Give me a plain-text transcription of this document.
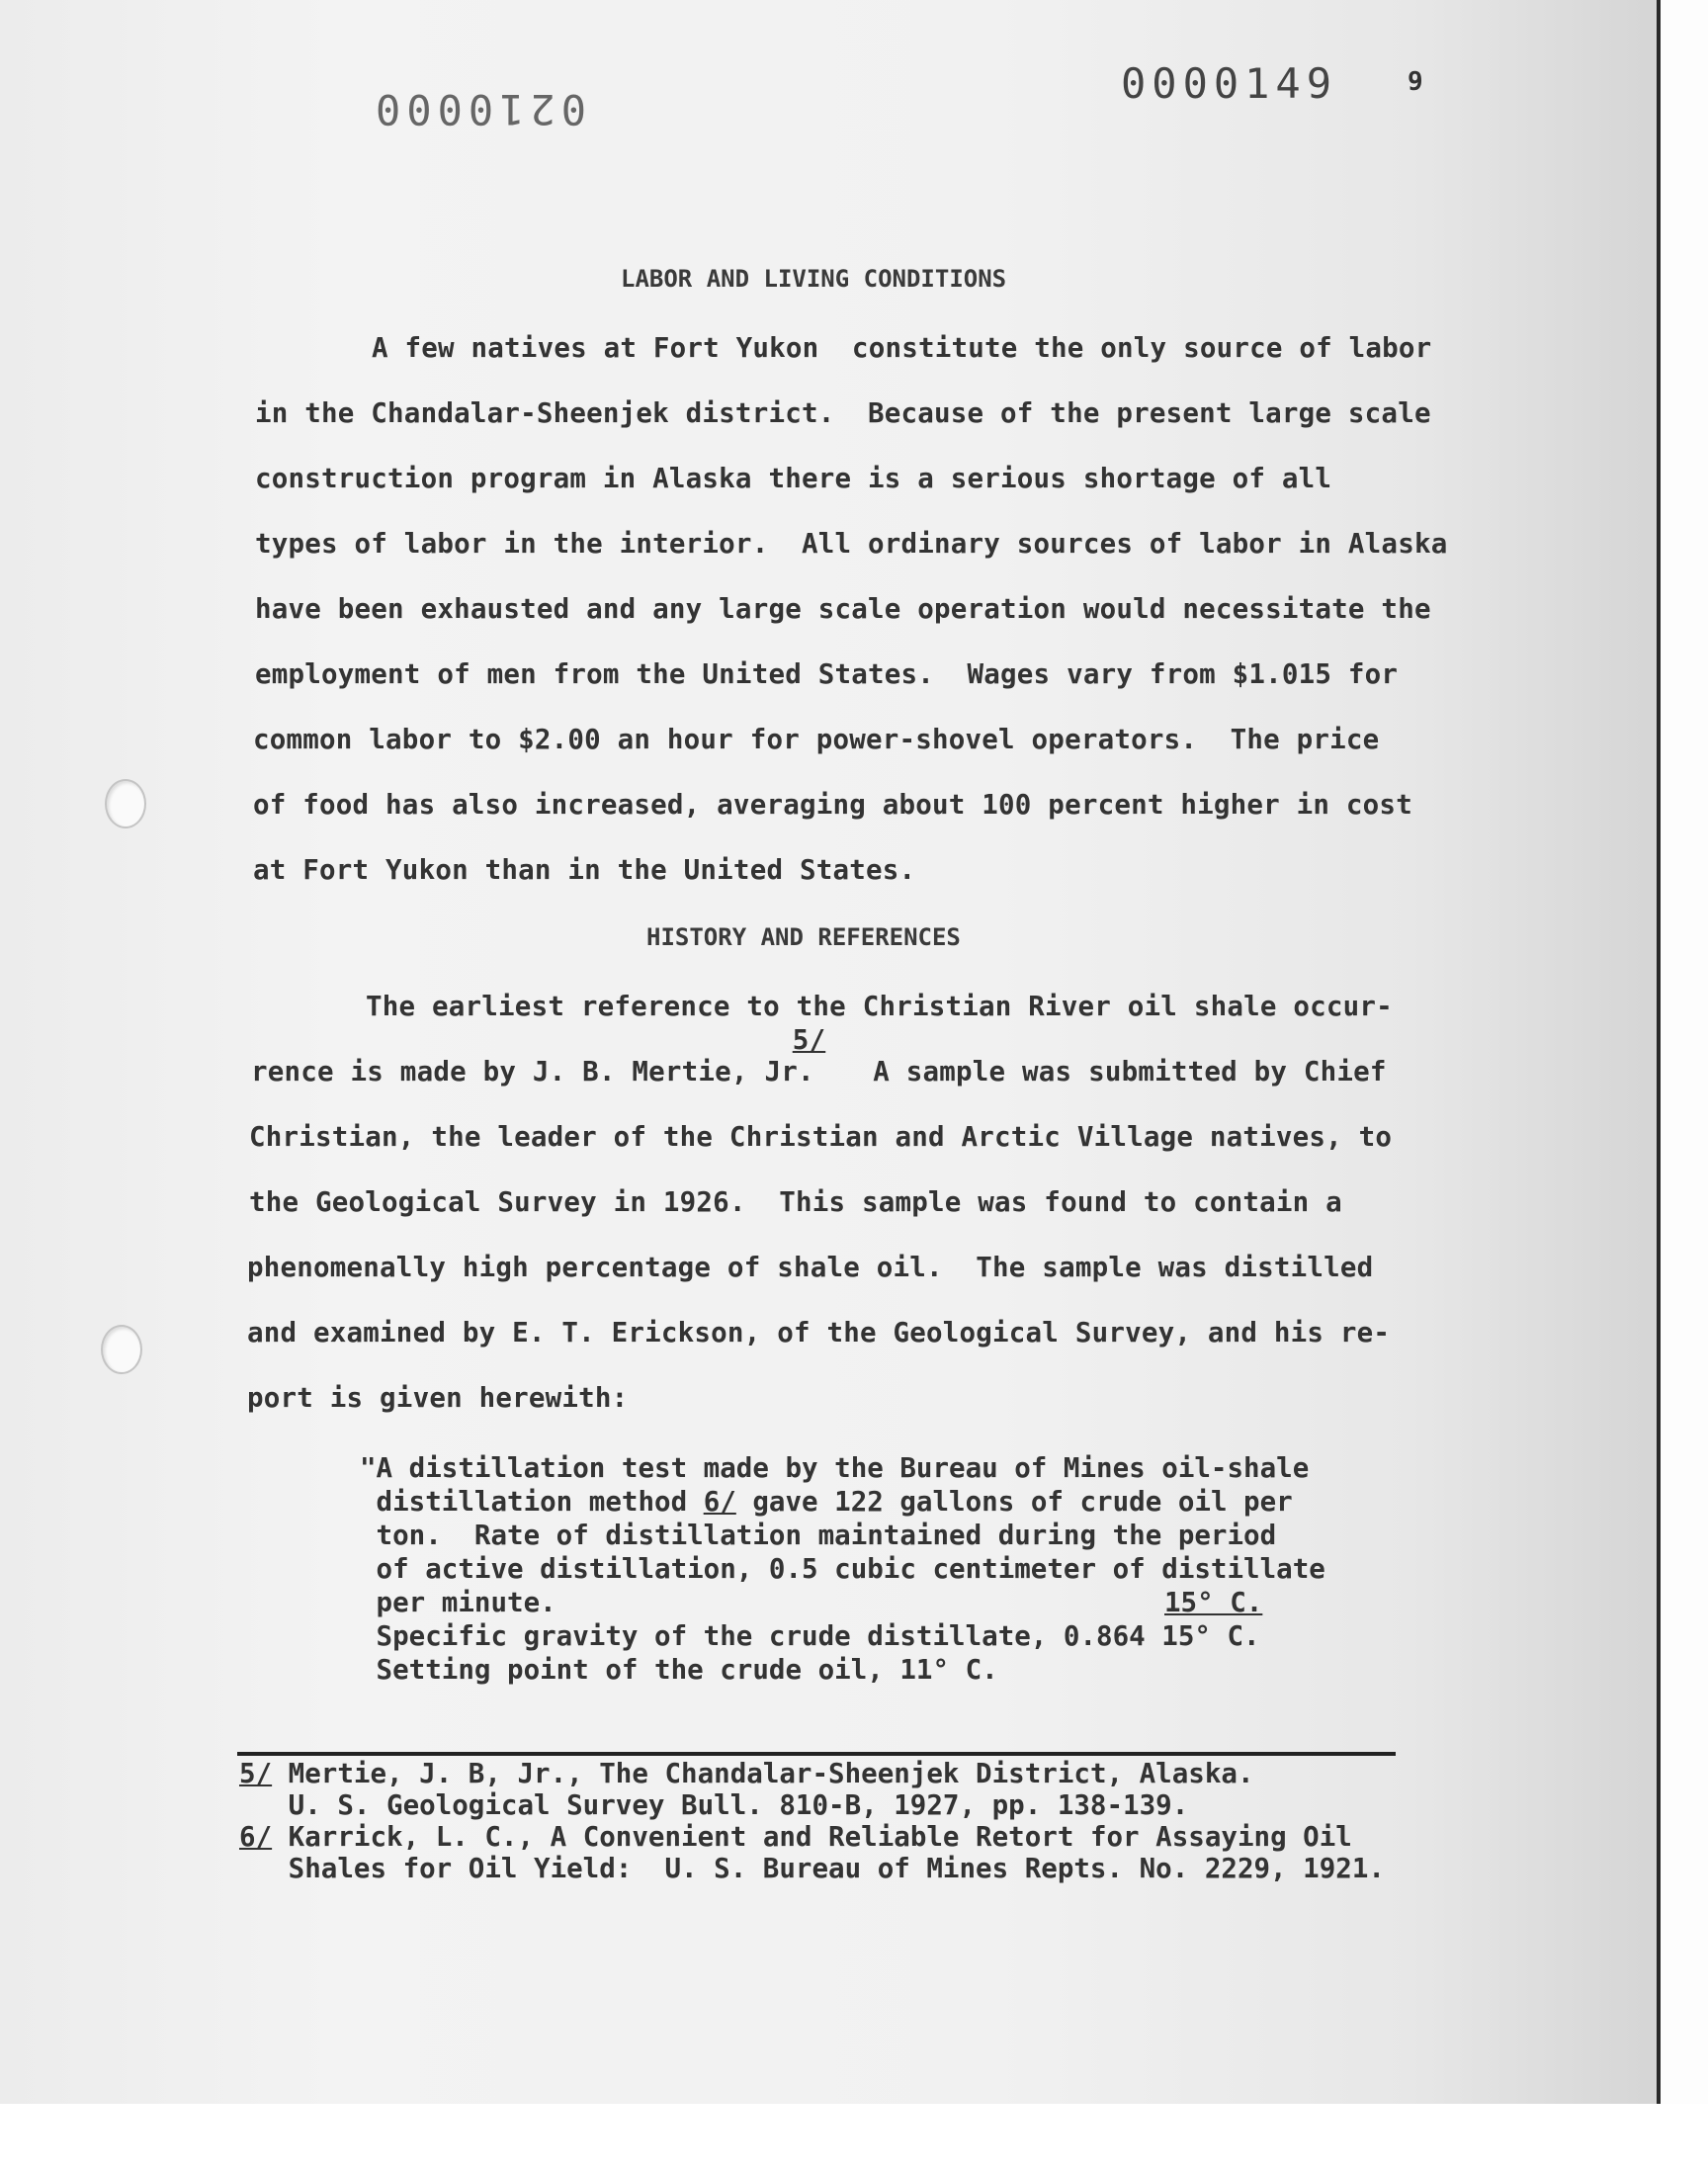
0210000
0000149	9
LABOR AND LIVING CONDITIONS
A few natives at Fort Yukon  constitute the only source of labor
in the Chandalar-Sheenjek district.  Because of the present large scale
construction program in Alaska there is a serious shortage of all
types of labor in the interior.  All ordinary sources of labor in Alaska
have been exhausted and any large scale operation would necessitate the
employment of men from the United States.  Wages vary from $1.015 for
common labor to $2.00 an hour for power-shovel operators.  The price
of food has also increased, averaging about 100 percent higher in cost
at Fort Yukon than in the United States.
HISTORY AND REFERENCES
The earliest reference to the Christian River oil shale occur-
rence is made by J. B. Mertie, Jr.5/A sample was submitted by Chief
Christian, the leader of the Christian and Arctic Village natives, to
the Geological Survey in 1926.  This sample was found to contain a
phenomenally high percentage of shale oil.  The sample was distilled
and examined by E. T. Erickson, of the Geological Survey, and his re-
port is given herewith:
"A distillation test made by the Bureau of Mines oil-shale
distillation method 6/ gave 122 gallons of crude oil per
ton.  Rate of distillation maintained during the period
of active distillation, 0.5 cubic centimeter of distillate
per minute.	15° C.
Specific gravity of the crude distillate, 0.864 15° C.
Setting point of the crude oil, 11° C.
5/ Mertie, J. B, Jr., The Chandalar-Sheenjek District, Alaska.
U. S. Geological Survey Bull. 810-B, 1927, pp. 138-139.
6/ Karrick, L. C., A Convenient and Reliable Retort for Assaying Oil
Shales for Oil Yield:  U. S. Bureau of Mines Repts. No. 2229, 1921.
